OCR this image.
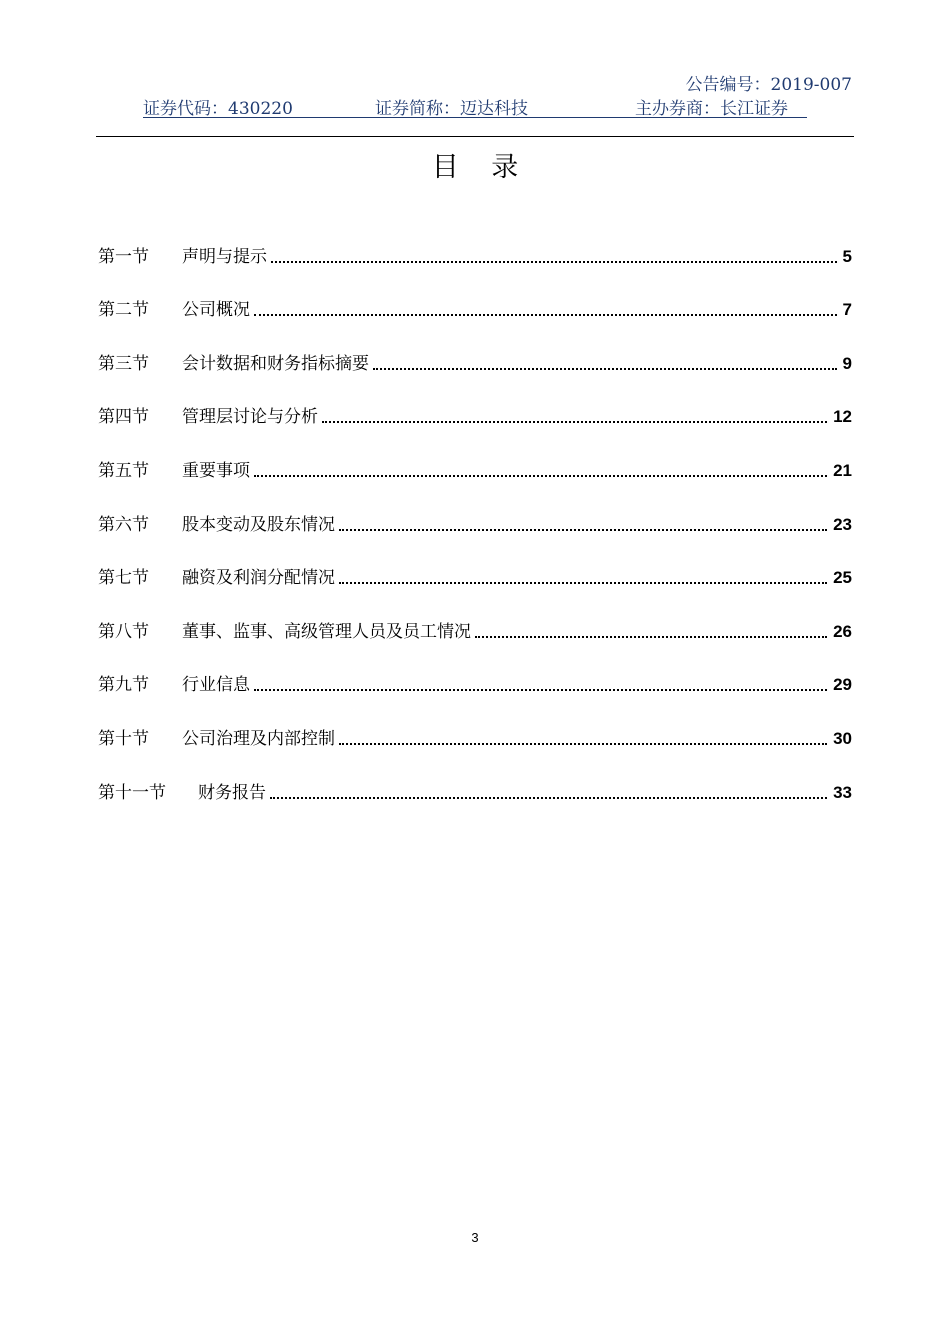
公告编号：2019-007
证券代码：430220	证券简称：迈达科技	主办券商：长江证券
目 录
第一节	声明与提示	5
第二节	公司概况	7
第三节	会计数据和财务指标摘要	9
第四节	管理层讨论与分析	12
第五节	重要事项	21
第六节	股本变动及股东情况	23
第七节	融资及利润分配情况	25
第八节	董事、监事、高级管理人员及员工情况	26
第九节	行业信息	29
第十节	公司治理及内部控制	30
第十一节	财务报告	33
3
